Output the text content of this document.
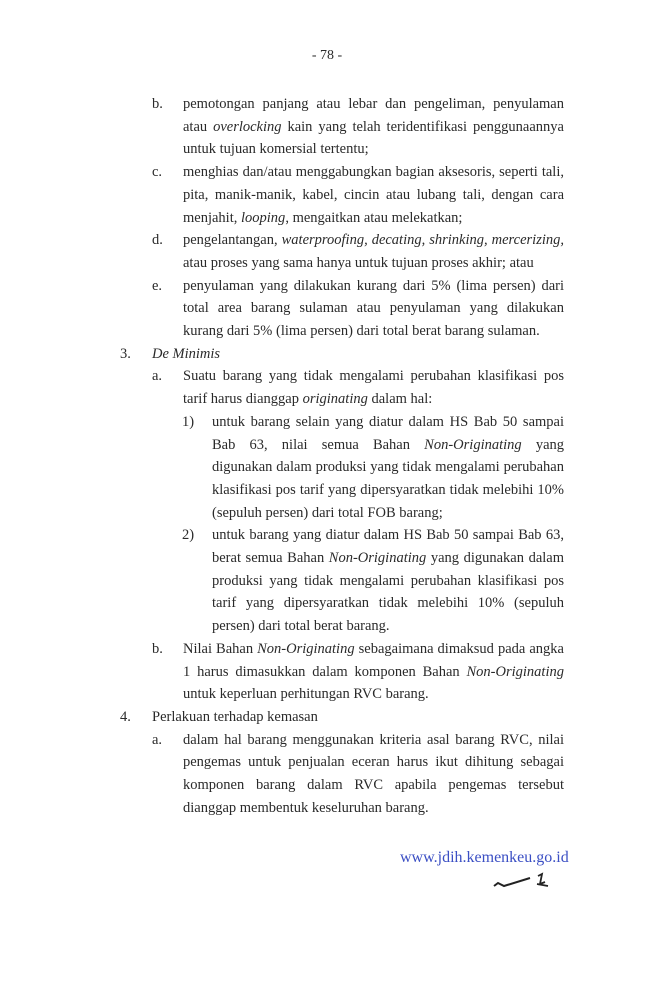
- 78 -
b. pemotongan panjang atau lebar dan pengeliman, penyulaman atau overlocking kain yang telah teridentifikasi penggunaannya untuk tujuan komersial tertentu;
c. menghias dan/atau menggabungkan bagian aksesoris, seperti tali, pita, manik-manik, kabel, cincin atau lubang tali, dengan cara menjahit, looping, mengaitkan atau melekatkan;
d. pengelantangan, waterproofing, decating, shrinking, mercerizing, atau proses yang sama hanya untuk tujuan proses akhir; atau
e. penyulaman yang dilakukan kurang dari 5% (lima persen) dari total area barang sulaman atau penyulaman yang dilakukan kurang dari 5% (lima persen) dari total berat barang sulaman.
3. De Minimis
a. Suatu barang yang tidak mengalami perubahan klasifikasi pos tarif harus dianggap originating dalam hal:
1) untuk barang selain yang diatur dalam HS Bab 50 sampai Bab 63, nilai semua Bahan Non-Originating yang digunakan dalam produksi yang tidak mengalami perubahan klasifikasi pos tarif yang dipersyaratkan tidak melebihi 10% (sepuluh persen) dari total FOB barang;
2) untuk barang yang diatur dalam HS Bab 50 sampai Bab 63, berat semua Bahan Non-Originating yang digunakan dalam produksi yang tidak mengalami perubahan klasifikasi pos tarif yang dipersyaratkan tidak melebihi 10% (sepuluh persen) dari total berat barang.
b. Nilai Bahan Non-Originating sebagaimana dimaksud pada angka 1 harus dimasukkan dalam komponen Bahan Non-Originating untuk keperluan perhitungan RVC barang.
4. Perlakuan terhadap kemasan
a. dalam hal barang menggunakan kriteria asal barang RVC, nilai pengemas untuk penjualan eceran harus ikut dihitung sebagai komponen barang dalam RVC apabila pengemas tersebut dianggap membentuk keseluruhan barang.
www.jdih.kemenkeu.go.id
